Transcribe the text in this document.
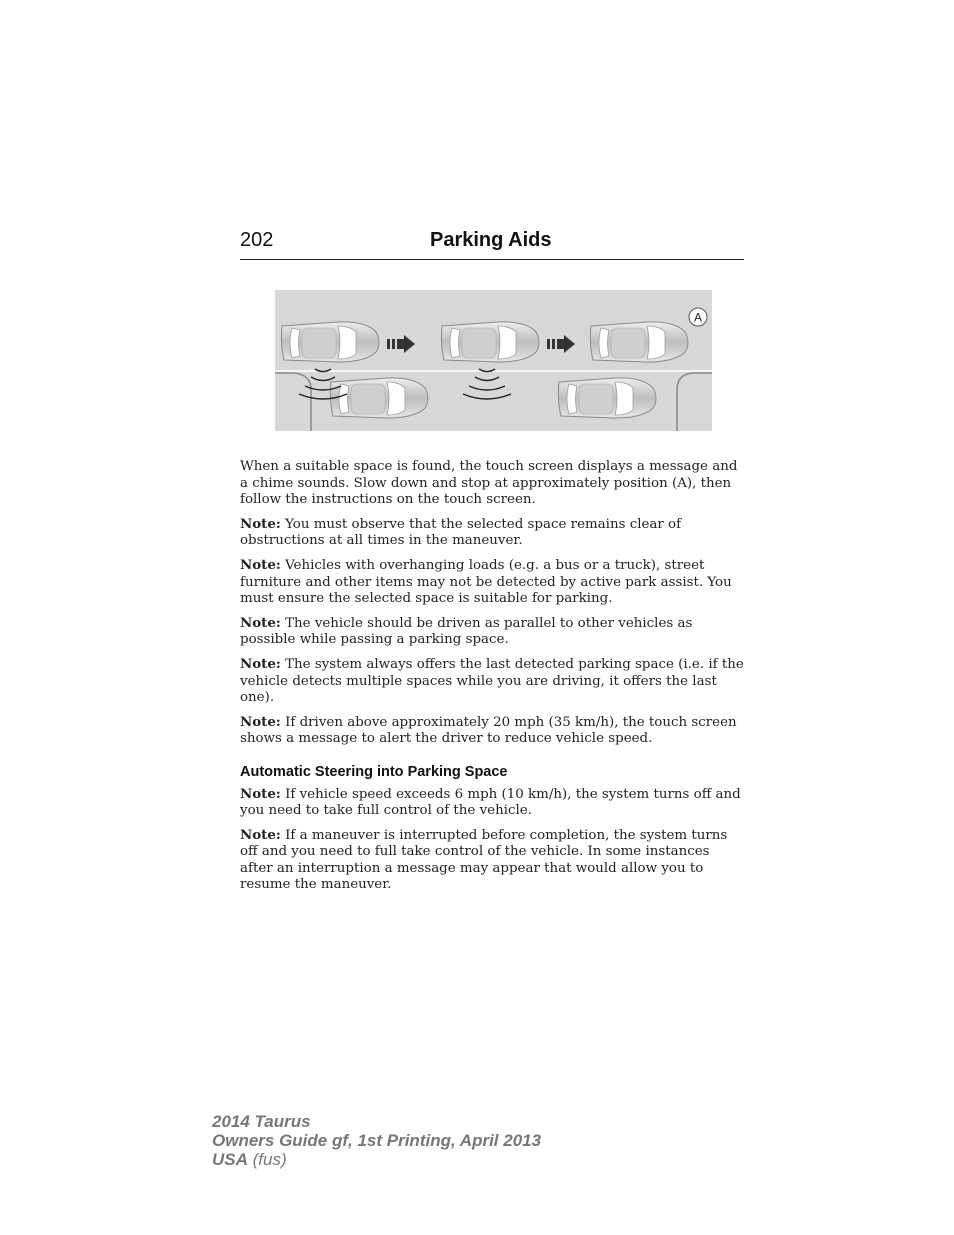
202	Parking Aids
A

When a suitable space is found, the touch screen displays a message and a chime sounds. Slow down and stop at approximately position (A), then follow the instructions on the touch screen.

Note: You must observe that the selected space remains clear of obstructions at all times in the maneuver.

Note: Vehicles with overhanging loads (e.g. a bus or a truck), street furniture and other items may not be detected by active park assist. You must ensure the selected space is suitable for parking.

Note: The vehicle should be driven as parallel to other vehicles as possible while passing a parking space.

Note: The system always offers the last detected parking space (i.e. if the vehicle detects multiple spaces while you are driving, it offers the last one).

Note: If driven above approximately 20 mph (35 km/h), the touch screen shows a message to alert the driver to reduce vehicle speed.

Automatic Steering into Parking Space

Note: If vehicle speed exceeds 6 mph (10 km/h), the system turns off and you need to take full control of the vehicle.

Note: If a maneuver is interrupted before completion, the system turns off and you need to full take control of the vehicle. In some instances after an interruption a message may appear that would allow you to resume the maneuver.

2014 Taurus
Owners Guide gf, 1st Printing, April 2013
USA (fus)
